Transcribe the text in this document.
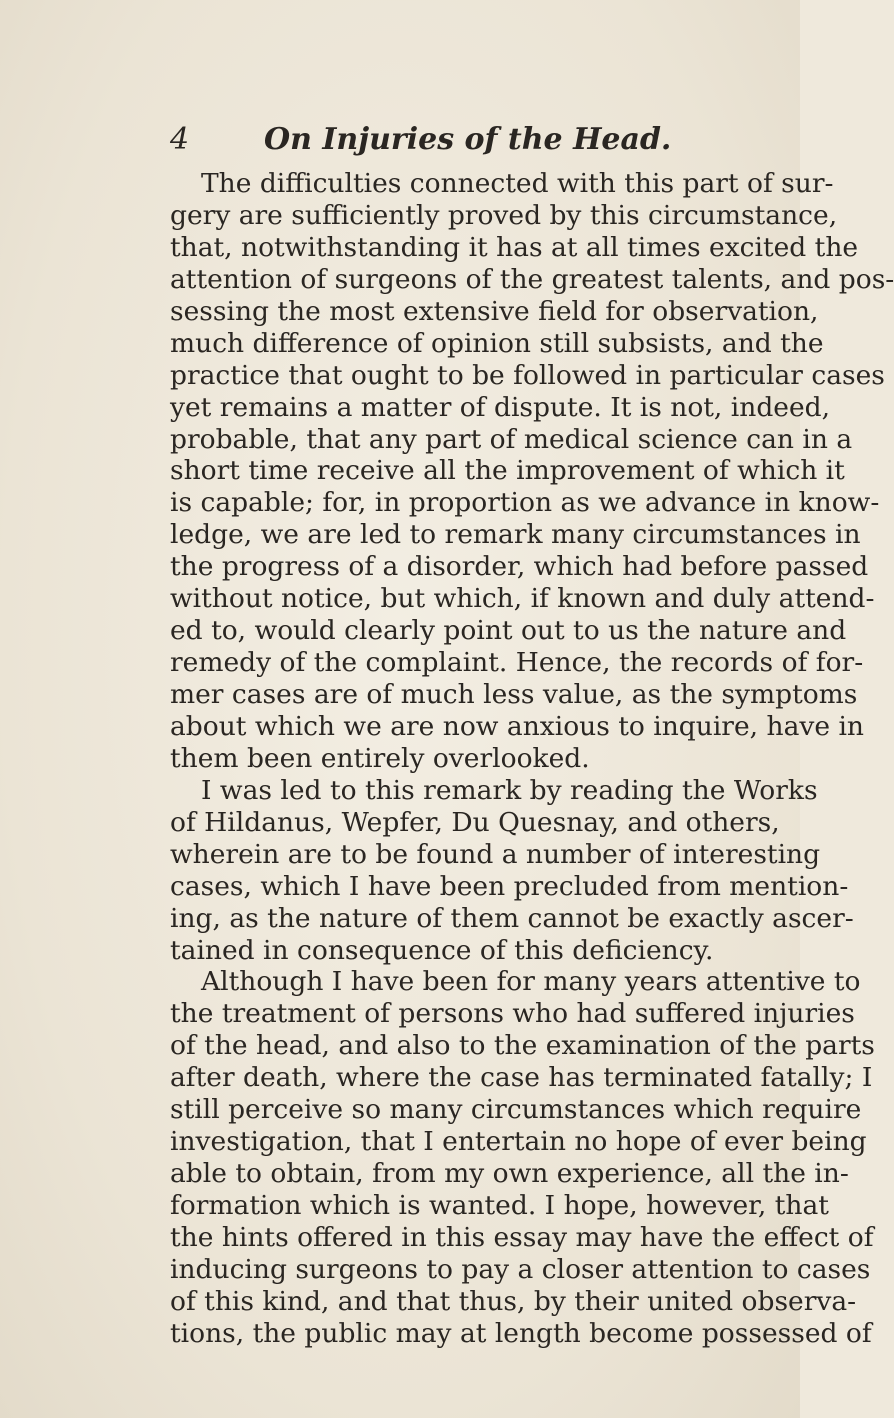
4 On Injuries of the Head.
The difficulties connected with this part of sur-
gery are sufficiently proved by this circumstance,
that, notwithstanding it has at all times excited the
attention of surgeons of the greatest talents, and pos-
sessing the most extensive field for observation,
much difference of opinion still subsists, and the
practice that ought to be followed in particular cases
yet remains a matter of dispute. It is not, indeed,
probable, that any part of medical science can in a
short time receive all the improvement of which it
is capable; for, in proportion as we advance in know-
ledge, we are led to remark many circumstances in
the progress of a disorder, which had before passed
without notice, but which, if known and duly attend-
ed to, would clearly point out to us the nature and
remedy of the complaint. Hence, the records of for-
mer cases are of much less value, as the symptoms
about which we are now anxious to inquire, have in
them been entirely overlooked.
I was led to this remark by reading the Works
of Hildanus, Wepfer, Du Quesnay, and others,
wherein are to be found a number of interesting
cases, which I have been precluded from mention-
ing, as the nature of them cannot be exactly ascer-
tained in consequence of this deficiency.
Although I have been for many years attentive to
the treatment of persons who had suffered injuries
of the head, and also to the examination of the parts
after death, where the case has terminated fatally; I
still perceive so many circumstances which require
investigation, that I entertain no hope of ever being
able to obtain, from my own experience, all the in-
formation which is wanted. I hope, however, that
the hints offered in this essay may have the effect of
inducing surgeons to pay a closer attention to cases
of this kind, and that thus, by their united observa-
tions, the public may at length become possessed of
